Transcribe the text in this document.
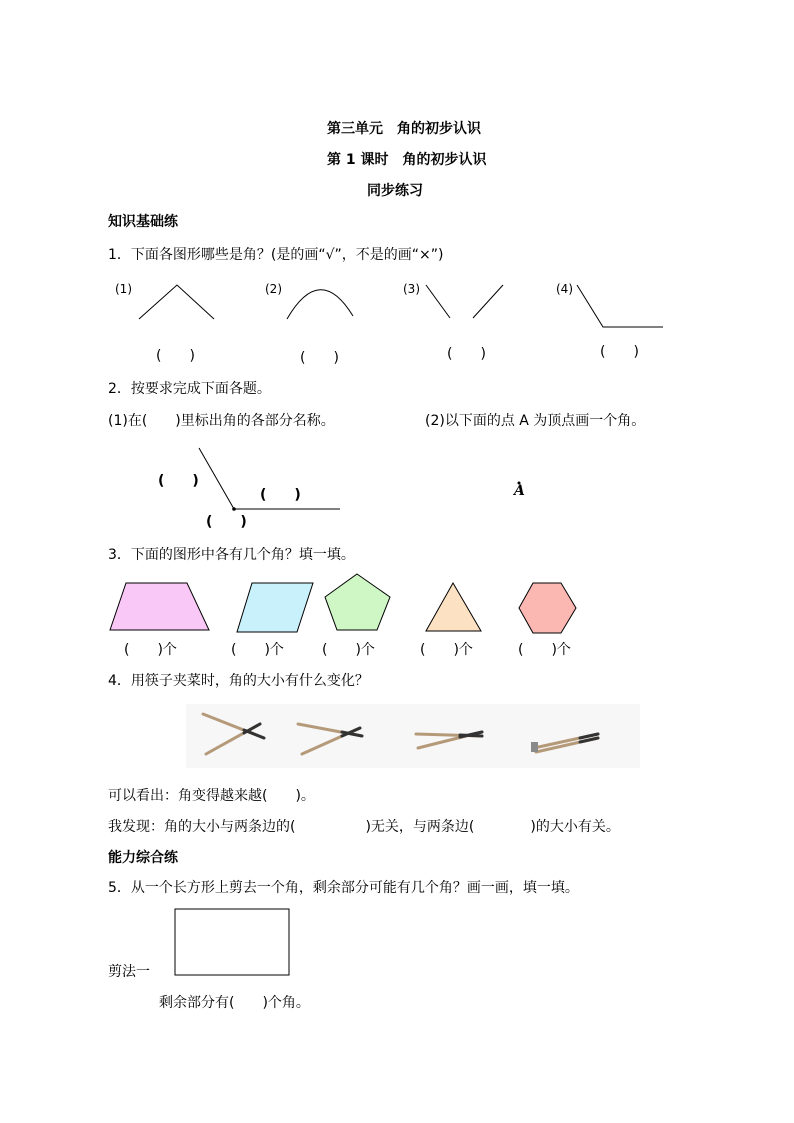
第三单元　角的初步认识
第 1 课时　角的初步认识
同步练习
知识基础练
1．下面各图形哪些是角？(是的画“√”，不是的画“×”)
(1)	(2)	(3)	(4)
(　　)	(　　)	(　　)	(　　)
2．按要求完成下面各题。
(1)在(　　)里标出角的各部分名称。	(2)以下面的点 A 为顶点画一个角。
(　　)
(　　)
(　　)
A
3．下面的图形中各有几个角？填一填。
(　　)个	(　　)个	(　　)个	(　　)个	(　　)个
4．用筷子夹菜时，角的大小有什么变化？
可以看出：角变得越来越(　　)。
我发现：角的大小与两条边的(　　　　　)无关，与两条边(　　　　)的大小有关。
能力综合练
5．从一个长方形上剪去一个角，剩余部分可能有几个角？画一画，填一填。
剪法一
剩余部分有(　　)个角。
